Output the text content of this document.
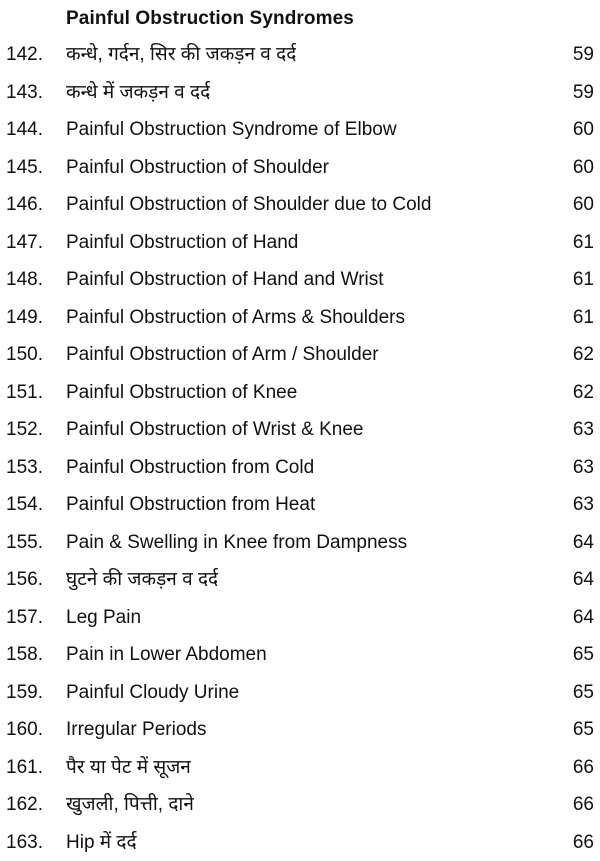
Painful Obstruction Syndromes
142. कन्धे, गर्दन, सिर की जकड़न व दर्द	59
143. कन्धे में जकड़न व दर्द	59
144. Painful Obstruction Syndrome of Elbow	60
145. Painful Obstruction of Shoulder	60
146. Painful Obstruction of Shoulder due to Cold	60
147. Painful Obstruction of Hand	61
148. Painful Obstruction of Hand and Wrist	61
149. Painful Obstruction of Arms & Shoulders	61
150. Painful Obstruction of Arm / Shoulder	62
151. Painful Obstruction of Knee	62
152. Painful Obstruction of Wrist & Knee	63
153. Painful Obstruction from Cold	63
154. Painful Obstruction from Heat	63
155. Pain & Swelling in Knee from Dampness	64
156. घुटने की जकड़न व दर्द	64
157. Leg Pain	64
158. Pain in Lower Abdomen	65
159. Painful Cloudy Urine	65
160. Irregular Periods	65
161. पैर या पेट में सूजन	66
162. खुजली, पित्ती, दाने	66
163. Hip में दर्द	66
